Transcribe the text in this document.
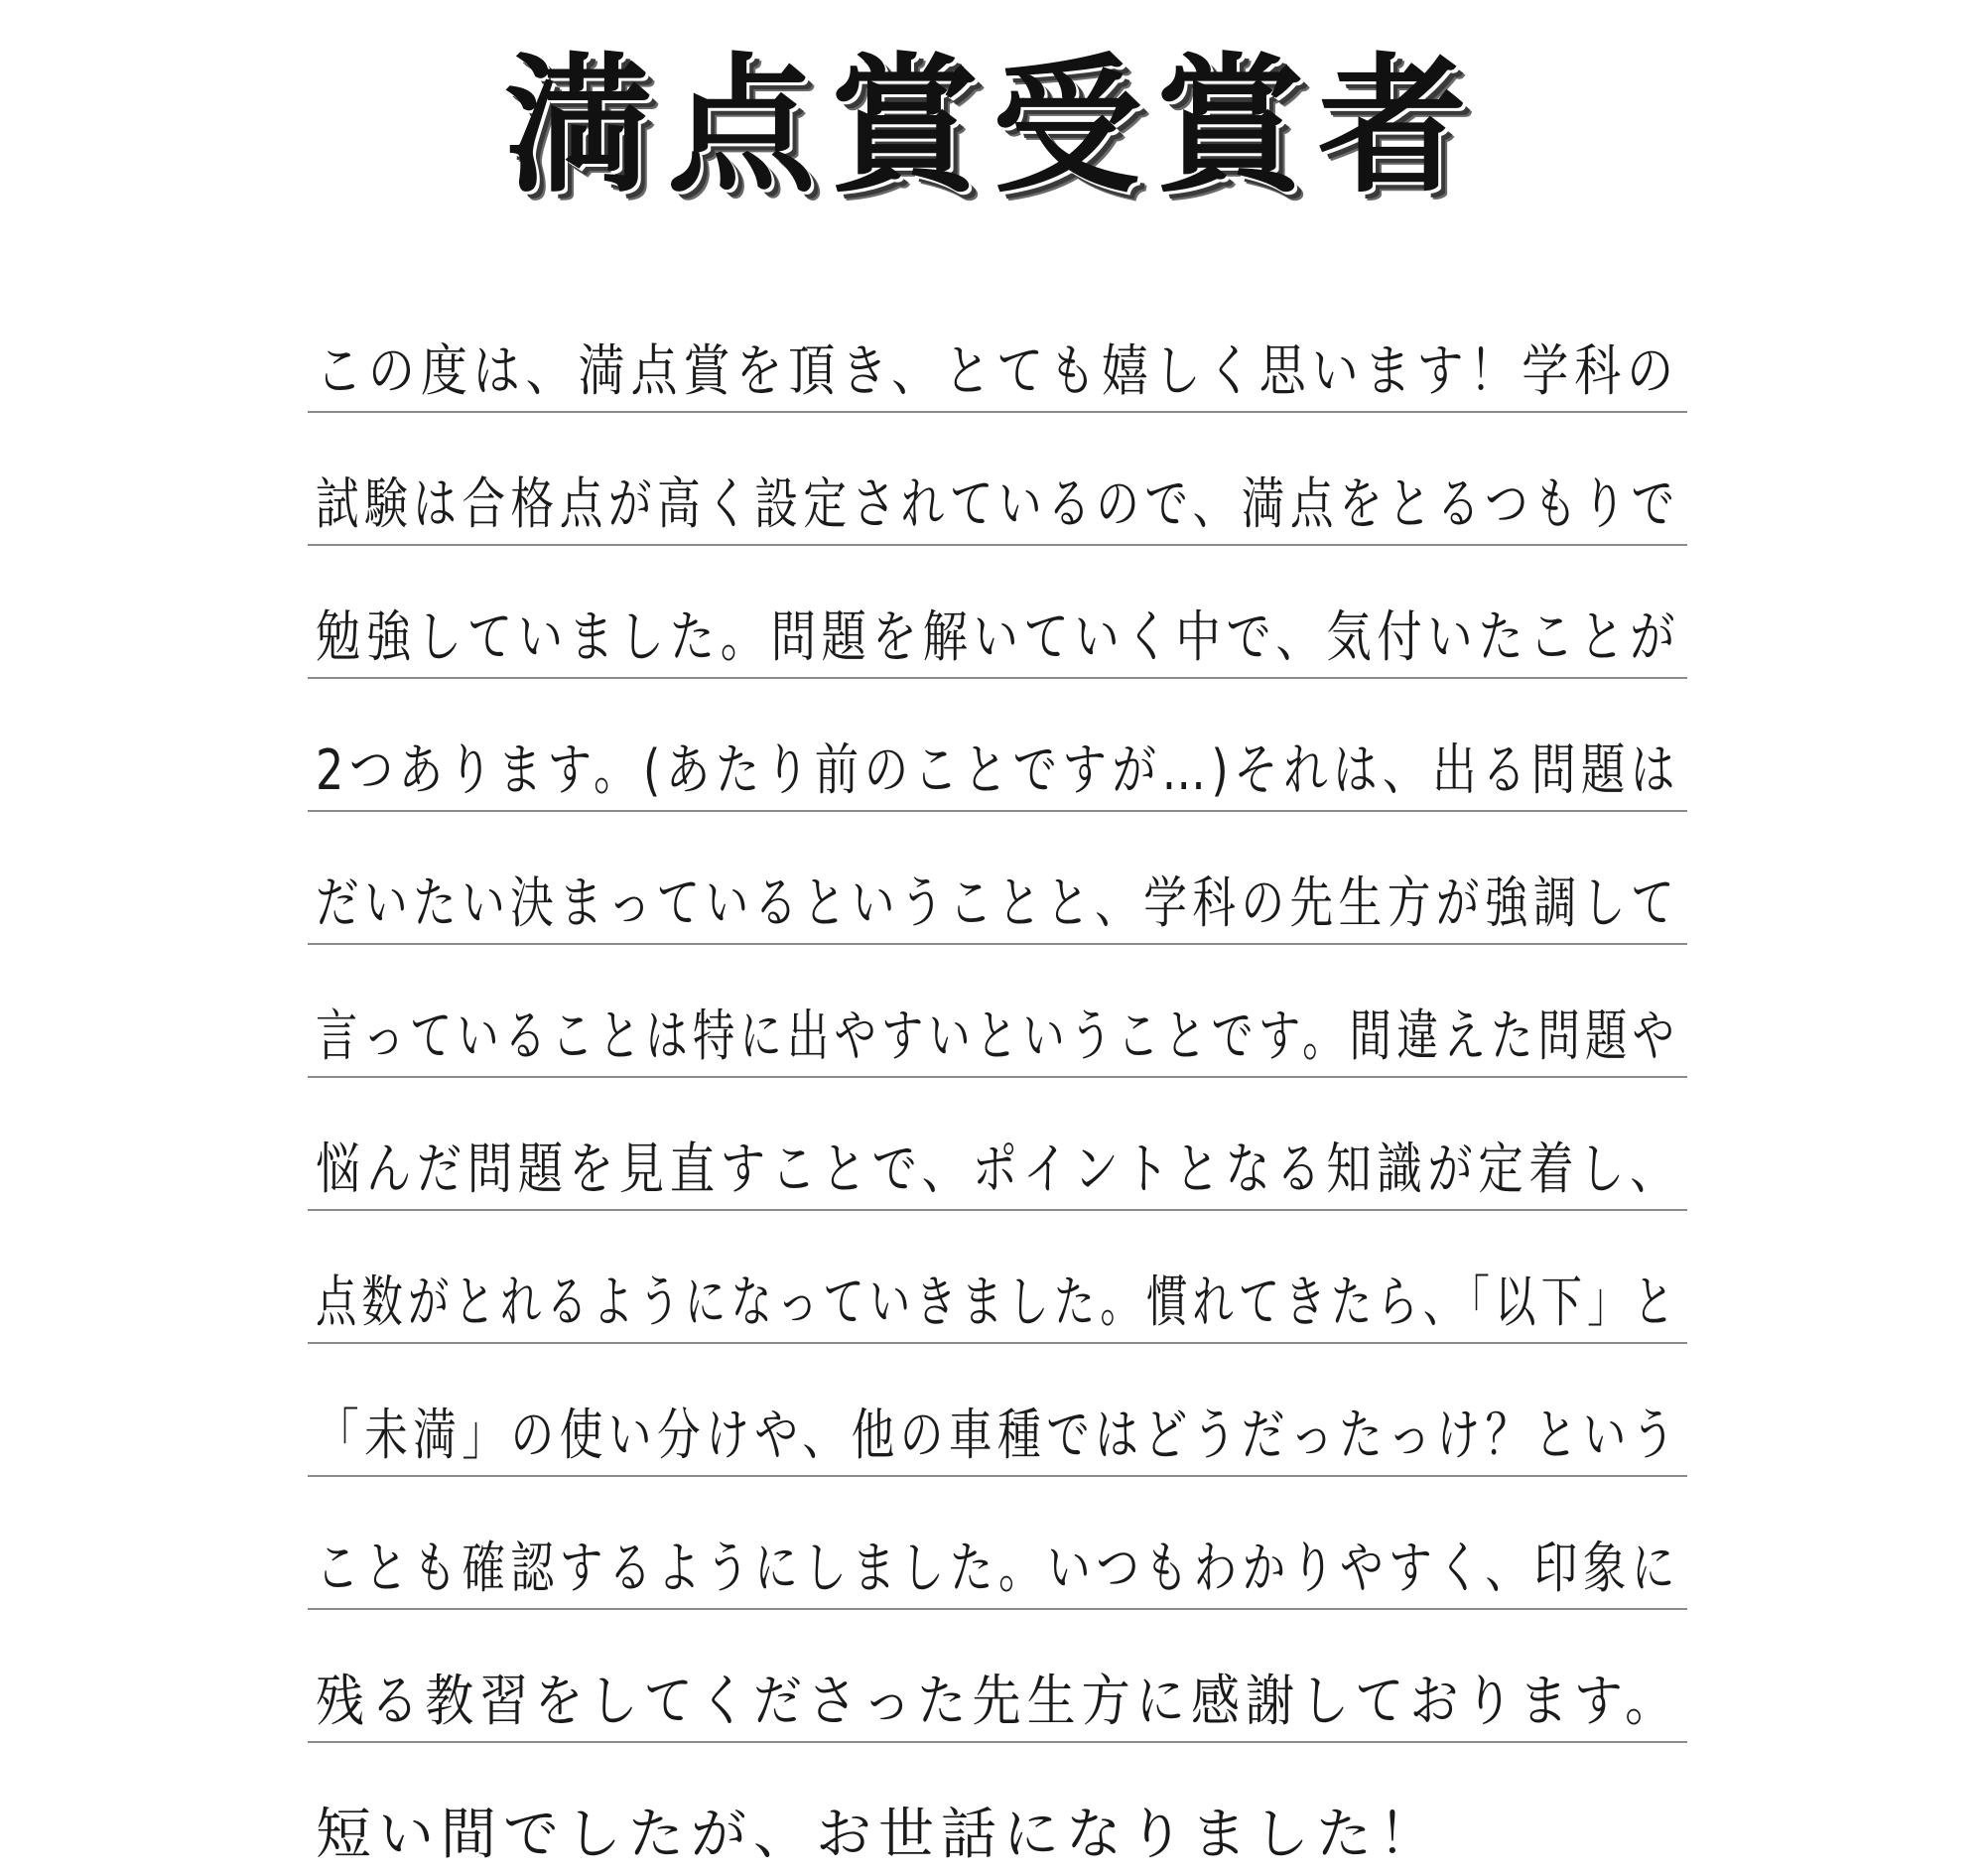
満点賞受賞者
この度は、満点賞を頂き、とても嬉しく思います！学科の
試験は合格点が高く設定されているので、満点をとるつもりで
勉強していました。問題を解いていく中で、気付いたことが
2つあります。(あたり前のことですが…)それは、出る問題は
だいたい決まっているということと、学科の先生方が強調して
言っていることは特に出やすいということです。間違えた問題や
悩んだ問題を見直すことで、ポイントとなる知識が定着し、
点数がとれるようになっていきました。慣れてきたら、「以下」と
「未満」の使い分けや、他の車種ではどうだったっけ？という
ことも確認するようにしました。いつもわかりやすく、印象に
残る教習をしてくださった先生方に感謝しております。
短い間でしたが、お世話になりました！
